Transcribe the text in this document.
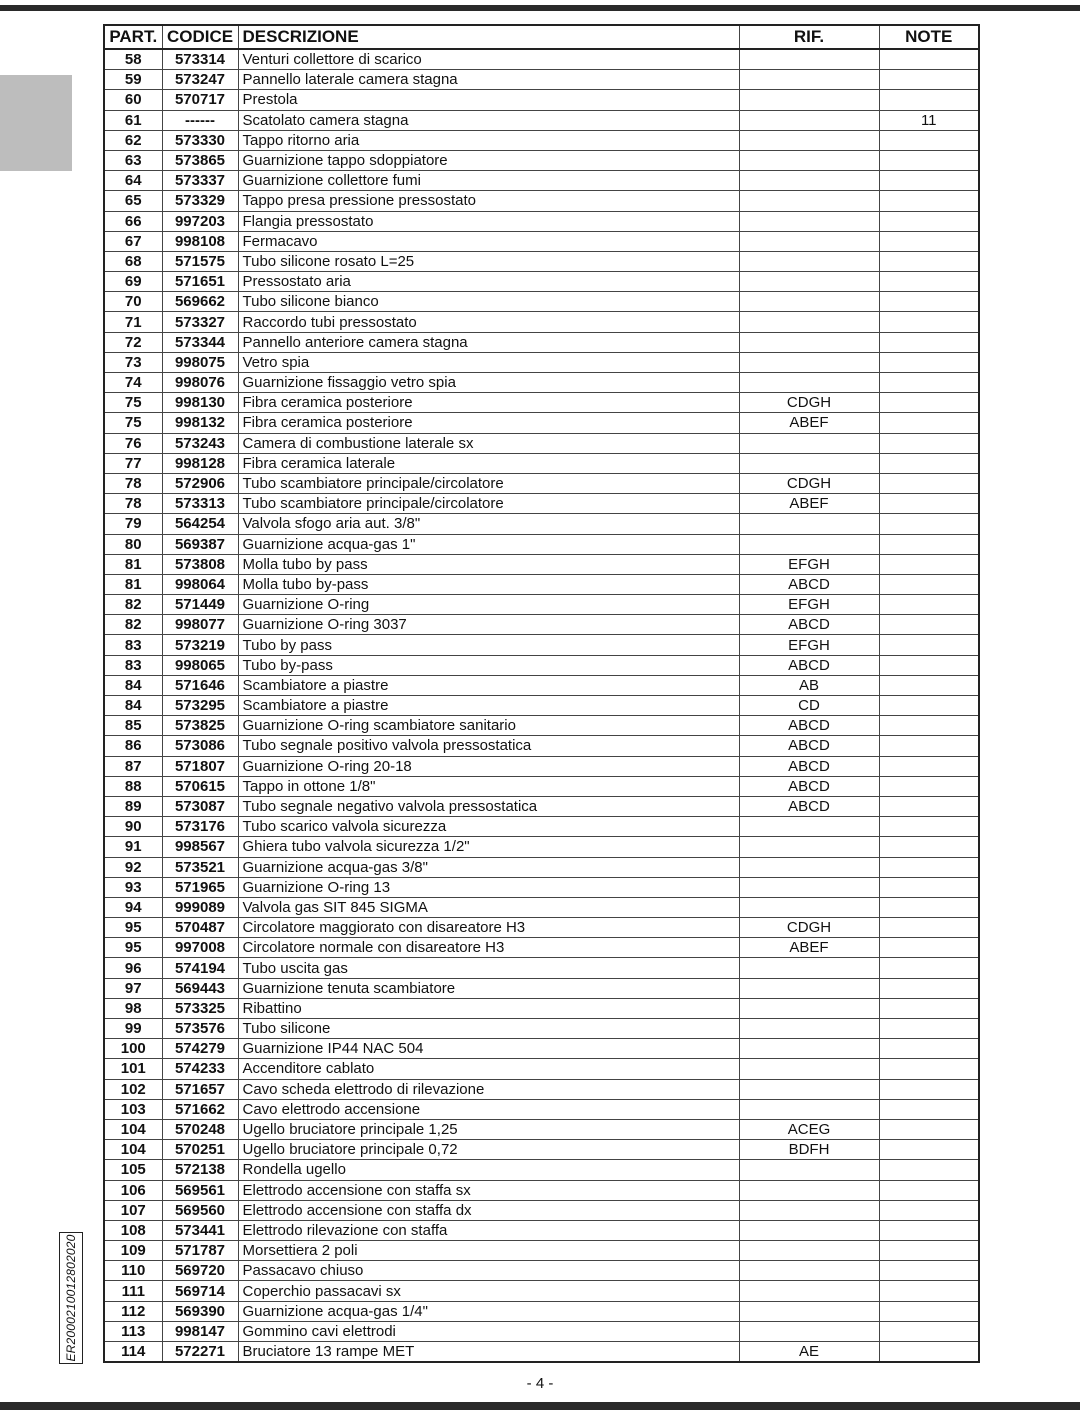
PART.	CODICE	DESCRIZIONE	RIF.	NOTE
58	573314	Venturi collettore di scarico		
59	573247	Pannello laterale camera stagna		
60	570717	Prestola		
61	------	Scatolato camera stagna		11
62	573330	Tappo ritorno aria		
63	573865	Guarnizione tappo sdoppiatore		
64	573337	Guarnizione collettore fumi		
65	573329	Tappo presa pressione pressostato		
66	997203	Flangia pressostato		
67	998108	Fermacavo		
68	571575	Tubo silicone rosato L=25		
69	571651	Pressostato aria		
70	569662	Tubo silicone bianco		
71	573327	Raccordo tubi pressostato		
72	573344	Pannello anteriore camera stagna		
73	998075	Vetro spia		
74	998076	Guarnizione fissaggio vetro spia		
75	998130	Fibra ceramica posteriore	CDGH	
75	998132	Fibra ceramica posteriore	ABEF	
76	573243	Camera di combustione laterale sx		
77	998128	Fibra ceramica laterale		
78	572906	Tubo scambiatore principale/circolatore	CDGH	
78	573313	Tubo scambiatore principale/circolatore	ABEF	
79	564254	Valvola sfogo aria aut. 3/8"		
80	569387	Guarnizione acqua-gas 1"		
81	573808	Molla tubo by pass	EFGH	
81	998064	Molla tubo by-pass	ABCD	
82	571449	Guarnizione O-ring	EFGH	
82	998077	Guarnizione O-ring 3037	ABCD	
83	573219	Tubo by pass	EFGH	
83	998065	Tubo by-pass	ABCD	
84	571646	Scambiatore a piastre	AB	
84	573295	Scambiatore a piastre	CD	
85	573825	Guarnizione O-ring scambiatore sanitario	ABCD	
86	573086	Tubo segnale positivo valvola pressostatica	ABCD	
87	571807	Guarnizione O-ring 20-18	ABCD	
88	570615	Tappo in ottone 1/8"	ABCD	
89	573087	Tubo segnale negativo valvola pressostatica	ABCD	
90	573176	Tubo scarico valvola sicurezza		
91	998567	Ghiera tubo valvola sicurezza 1/2"		
92	573521	Guarnizione acqua-gas 3/8"		
93	571965	Guarnizione O-ring 13		
94	999089	Valvola gas SIT 845 SIGMA		
95	570487	Circolatore maggiorato con disareatore H3	CDGH	
95	997008	Circolatore normale con disareatore H3	ABEF	
96	574194	Tubo uscita gas		
97	569443	Guarnizione tenuta scambiatore		
98	573325	Ribattino		
99	573576	Tubo silicone		
100	574279	Guarnizione IP44 NAC 504		
101	574233	Accenditore cablato		
102	571657	Cavo scheda elettrodo di rilevazione		
103	571662	Cavo elettrodo accensione		
104	570248	Ugello bruciatore principale 1,25	ACEG	
104	570251	Ugello bruciatore principale 0,72	BDFH	
105	572138	Rondella ugello		
106	569561	Elettrodo accensione con staffa sx		
107	569560	Elettrodo accensione con staffa dx		
108	573441	Elettrodo rilevazione con staffa		
109	571787	Morsettiera 2 poli		
110	569720	Passacavo chiuso		
111	569714	Coperchio passacavi sx		
112	569390	Guarnizione acqua-gas 1/4"		
113	998147	Gommino cavi elettrodi		
114	572271	Bruciatore 13 rampe MET	AE	
ER2000210012802020
- 4 -
